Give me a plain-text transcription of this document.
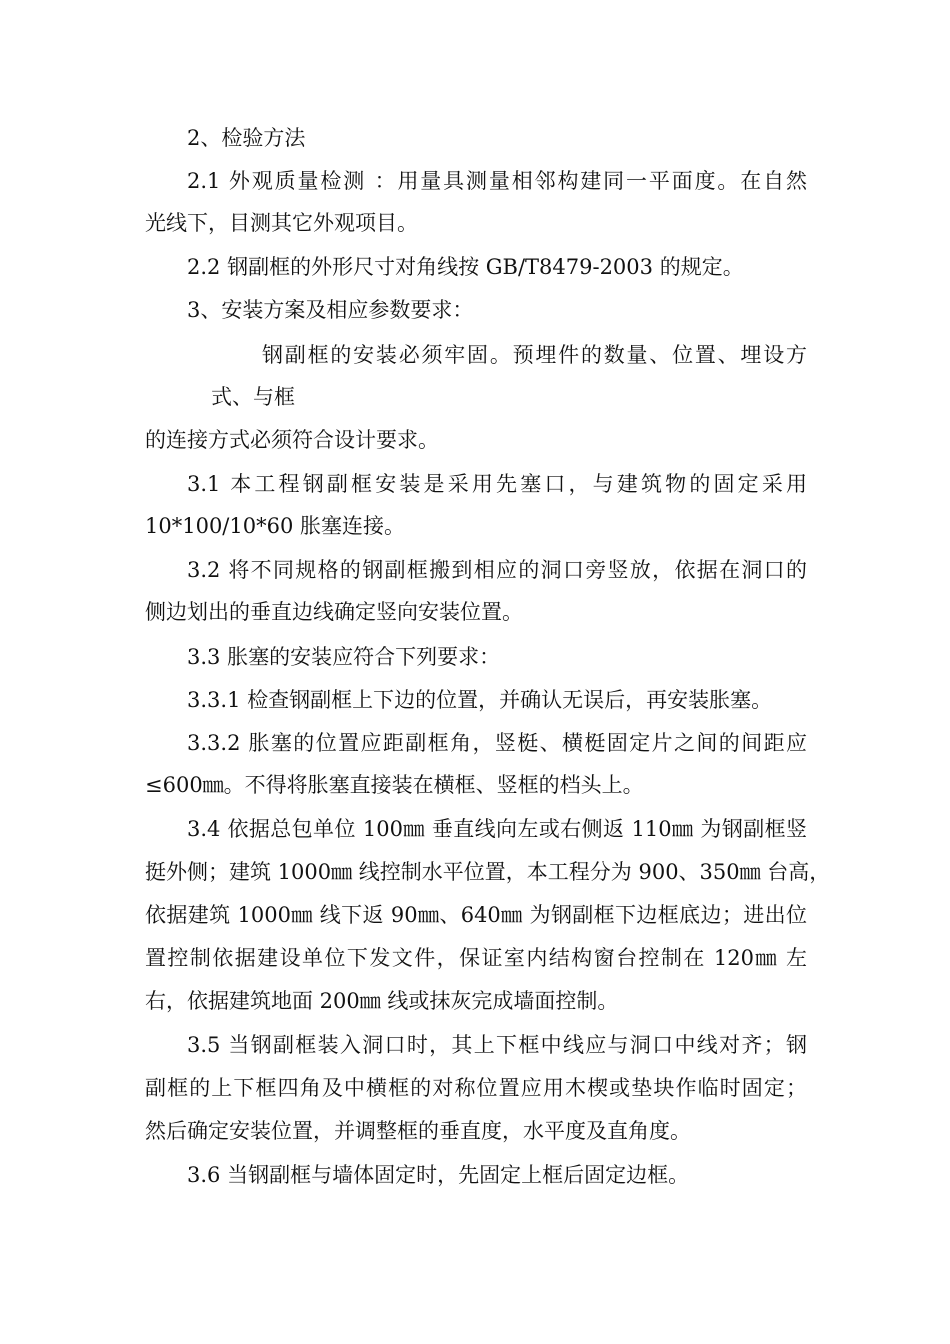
2、检验方法
2.1 外观质量检测 ：用量具测量相邻构建同一平面度。在自然
光线下，目测其它外观项目。
2.2 钢副框的外形尺寸对角线按 GB/T8479-2003 的规定。
3、安装方案及相应参数要求：
钢副框的安装必须牢固。预埋件的数量、位置、埋设方
式、与框
的连接方式必须符合设计要求。
3.1 本工程钢副框安装是采用先塞口，与建筑物的固定采用
10*100/10*60 胀塞连接。
3.2 将不同规格的钢副框搬到相应的洞口旁竖放，依据在洞口的
侧边划出的垂直边线确定竖向安装位置。
3.3 胀塞的安装应符合下列要求：
3.3.1 检查钢副框上下边的位置，并确认无误后，再安装胀塞。
3.3.2 胀塞的位置应距副框角，竖梃、横梃固定片之间的间距应
≤600㎜。不得将胀塞直接装在横框、竖框的档头上。
3.4 依据总包单位 100㎜ 垂直线向左或右侧返 110㎜ 为钢副框竖
挺外侧；建筑 1000㎜ 线控制水平位置，本工程分为 900、350㎜ 台高，
依据建筑 1000㎜ 线下返 90㎜、640㎜ 为钢副框下边框底边；进出位
置控制依据建设单位下发文件，保证室内结构窗台控制在 120㎜ 左
右，依据建筑地面 200㎜ 线或抹灰完成墙面控制。
3.5 当钢副框装入洞口时，其上下框中线应与洞口中线对齐；钢
副框的上下框四角及中横框的对称位置应用木楔或垫块作临时固定；
然后确定安装位置，并调整框的垂直度，水平度及直角度。
3.6 当钢副框与墙体固定时，先固定上框后固定边框。
